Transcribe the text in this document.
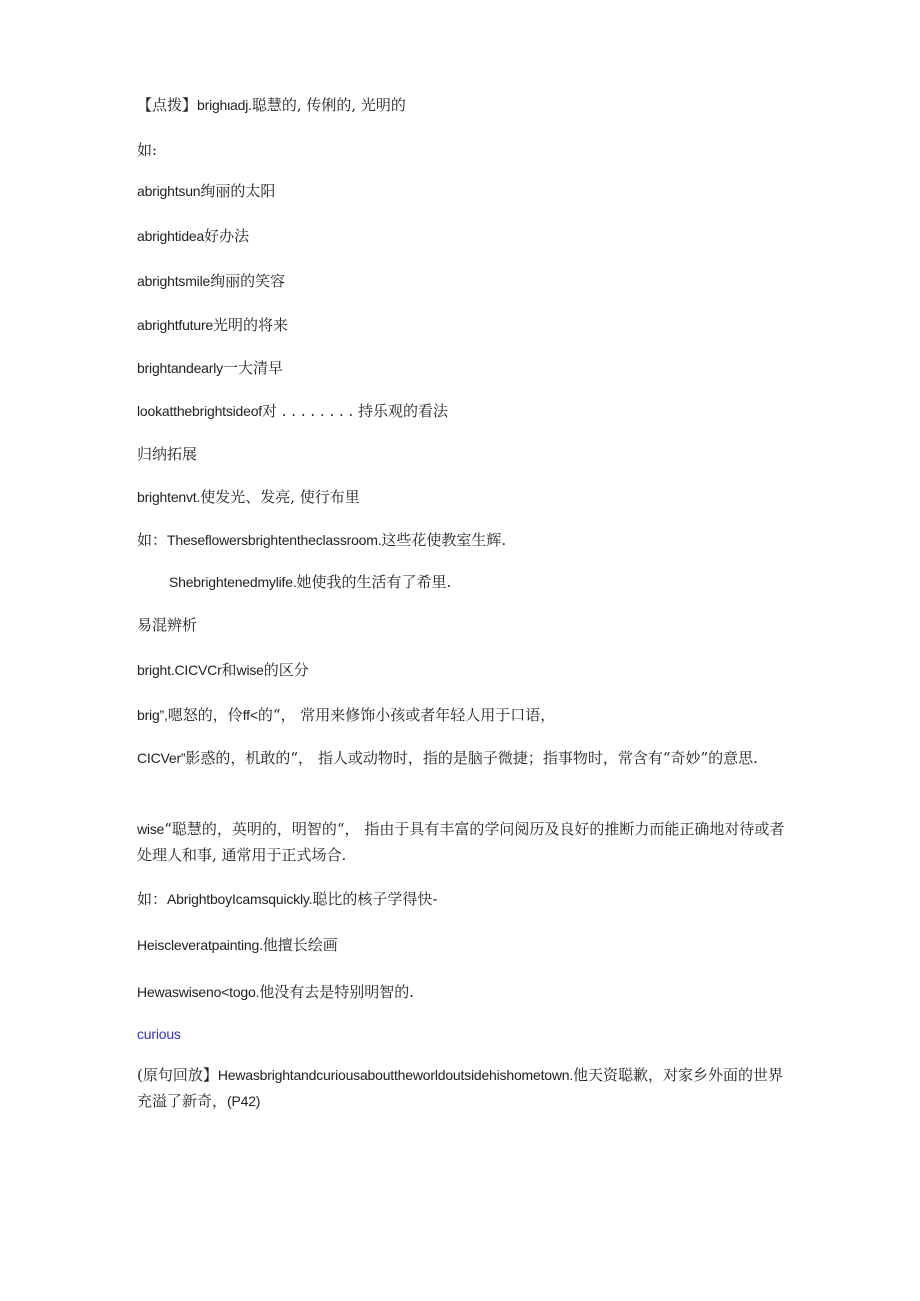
【点拨】brighιadj.聪慧的, 传俐的, 光明的
如:
abrightsun绚丽的太阳
abrightidea好办法
abrightsmile绚丽的笑容
abrightfuture光明的将来
brightandearly一大清早
lookatthebrightsideof对 . . . . . . . . 持乐观的看法
归纳拓展
brightenvt.使发光、发亮, 使行布里
如：Theseflowersbrightentheclassroom.这些花使教室生辉.
Shebrightenedmylife.她使我的生活有了希里.
易混辨析
bright.CICVCr和wise的区分
brig”,嗯怒的，伶ff<的“， 常用来修饰小孩或者年轻人用于口语，
CICVer”影惑的，机敢的“， 指人或动物时，指的是脑子微捷；指事物时，常含有“奇妙”的意思.
wise“聪慧的，英明的，明智的“， 指由于具有丰富的学问阅历及良好的推断力而能正确地对待或者处理人和事, 通常用于正式场合.
如：AbrightboyIcamsquickly.聪比的核子学得快-
Heiscleveratpainting.他擅长绘画
Hewaswiseno<togo.他没有去是特别明智的.
curious
(原句回放】Hewasbrightandcuriousabouttheworldoutsidehishometown.他天资聪歉，对家乡外面的世界充溢了新奇，(P42)
